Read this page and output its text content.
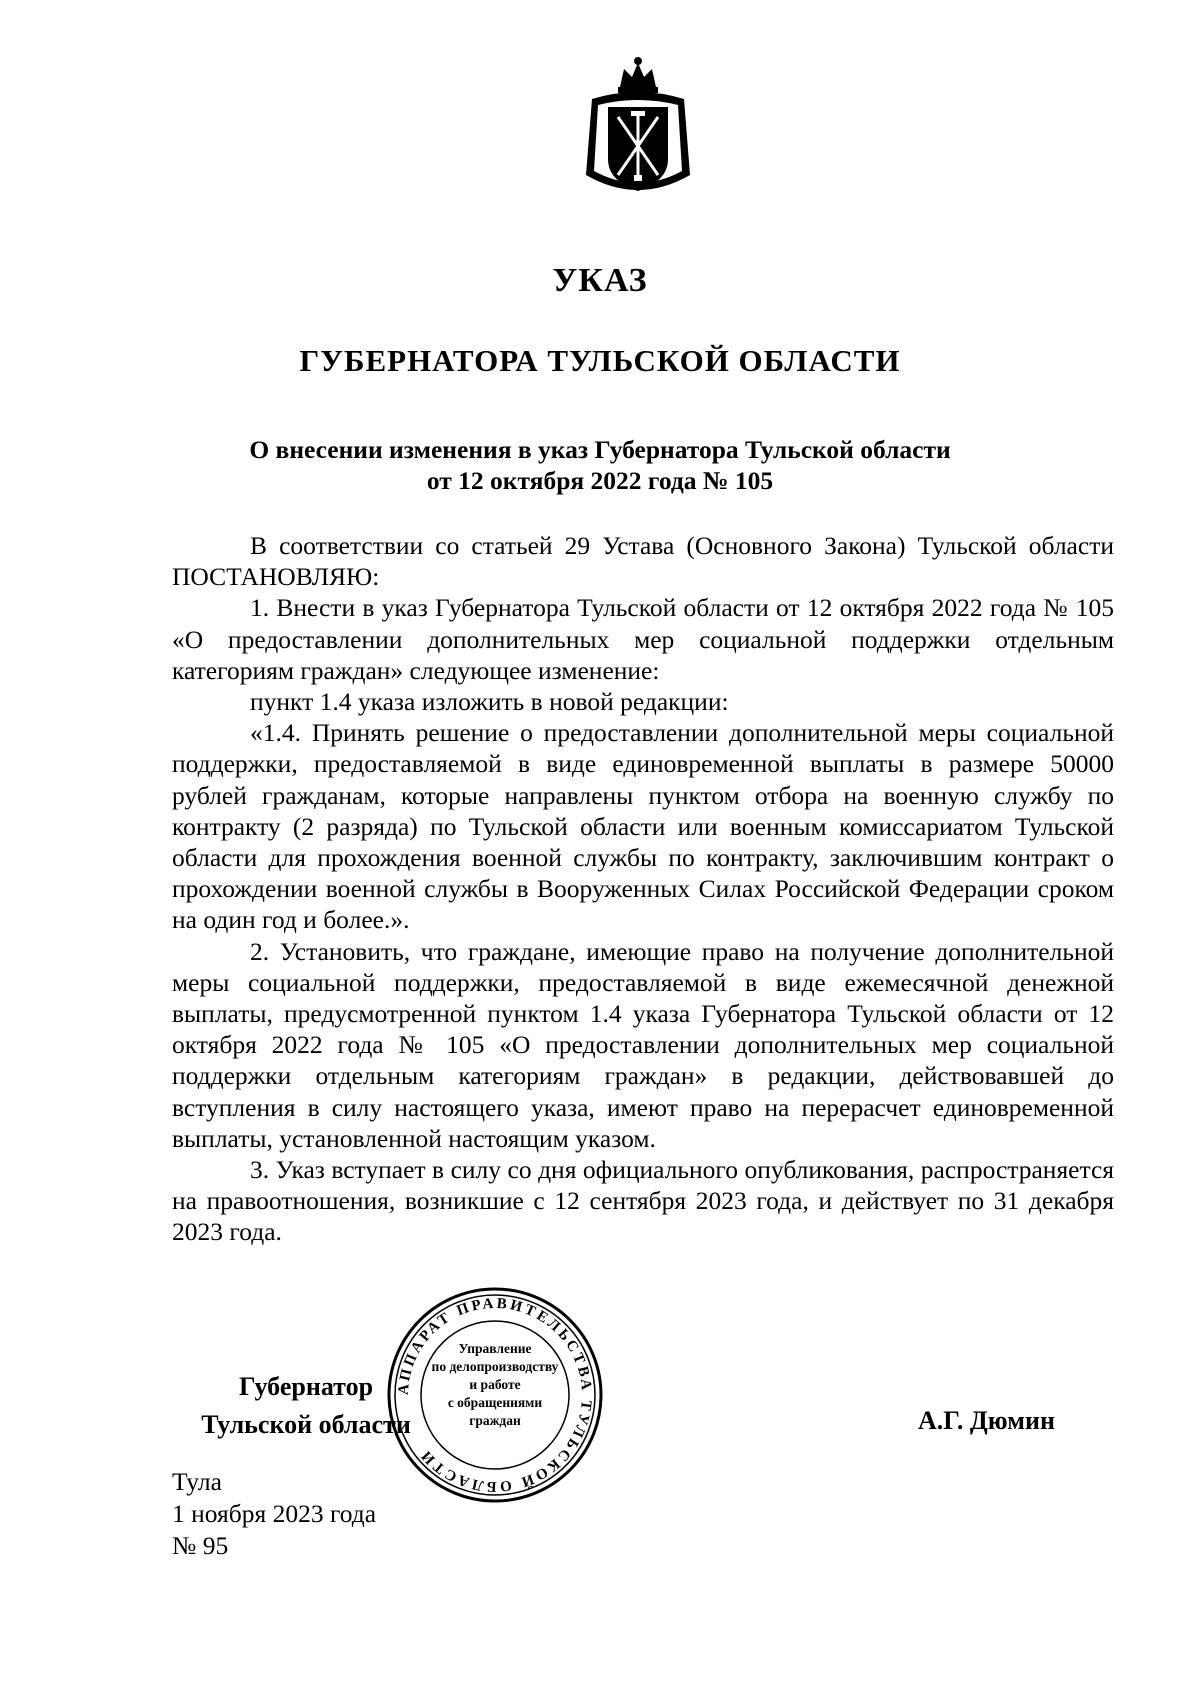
УКАЗ
ГУБЕРНАТОРА ТУЛЬСКОЙ ОБЛАСТИ
О внесении изменения в указ Губернатора Тульской области
от 12 октября 2022 года № 105

В соответствии со статьей 29 Устава (Основного Закона) Тульской области ПОСТАНОВЛЯЮ:

1. Внести в указ Губернатора Тульской области от 12 октября 2022 года № 105 «О предоставлении дополнительных мер социальной поддержки отдельным категориям граждан» следующее изменение:

пункт 1.4 указа изложить в новой редакции:

«1.4. Принять решение о предоставлении дополнительной меры социальной поддержки, предоставляемой в виде единовременной выплаты в размере 50000 рублей гражданам, которые направлены пунктом отбора на военную службу по контракту (2 разряда) по Тульской области или военным комиссариатом Тульской области для прохождения военной службы по контракту, заключившим контракт о прохождении военной службы в Вооруженных Силах Российской Федерации сроком на один год и более.».

2. Установить, что граждане, имеющие право на получение дополнительной меры социальной поддержки, предоставляемой в виде ежемесячной денежной выплаты, предусмотренной пунктом 1.4 указа Губернатора Тульской области от 12 октября 2022 года № 105 «О предоставлении дополнительных мер социальной поддержки отдельным категориям граждан» в редакции, действовавшей до вступления в силу настоящего указа, имеют право на перерасчет единовременной выплаты, установленной настоящим указом.

3. Указ вступает в силу со дня официального опубликования, распространяется на правоотношения, возникшие с 12 сентября 2023 года, и действует по 31 декабря 2023 года.

АППАРАТ ПРАВИТЕЛЬСТВА ТУЛЬСКОЙ ОБЛАСТИ
Управление
по делопроизводству
и работе
с обращениями
граждан
Губернатор
Тульской области	А.Г. Дюмин
Тула
1 ноября 2023 года
№ 95
